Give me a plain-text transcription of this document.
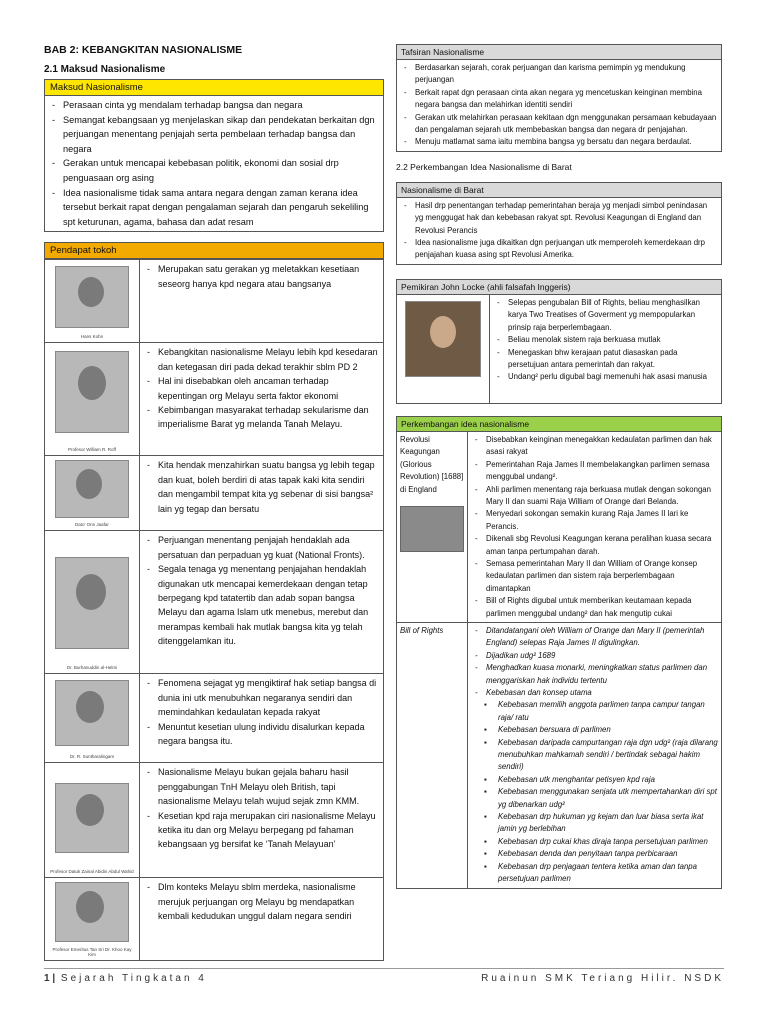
BAB 2: KEBANGKITAN NASIONALISME
2.1 Maksud Nasionalisme
Maksud Nasionalisme
- Perasaan cinta yg mendalam terhadap bangsa dan negara
- Semangat kebangsaan yg menjelaskan sikap dan pendekatan berkaitan dgn perjuangan menentang penjajah serta pembelaan terhadap bangsa dan negara
- Gerakan untuk mencapai kebebasan politik, ekonomi dan sosial drp penguasaan org asing
- Idea nasionalisme tidak sama antara negara dengan zaman kerana idea tersebut berkait rapat dengan pengalaman sejarah dan pengaruh sekeliling spt keturunan, agama, bahasa dan adat resam
Pendapat tokoh
Hans Kohn
- Merupakan satu gerakan yg meletakkan kesetiaan seseorg hanya kpd negara atau bangsanya
Profesor William R. Roff
- Kebangkitan nasionalisme Melayu lebih kpd kesedaran dan ketegasan diri pada dekad terakhir sblm PD 2
- Hal ini disebabkan oleh ancaman terhadap kepentingan org Melayu serta faktor ekonomi
- Kebimbangan masyarakat terhadap sekularisme dan imperialisme Barat yg melanda Tanah Melayu.
Dato' Onn Jaafar
- Kita hendak menzahirkan suatu bangsa yg lebih tegap dan kuat, boleh berdiri di atas tapak kaki kita sendiri dan mengambil tempat kita yg sebenar di sisi bangsa² lain yg tegap dan bersatu
Dr. Burhanuddin al-Helmi
- Perjuangan menentang penjajah hendaklah ada persatuan dan perpaduan yg kuat (National Fronts).
- Segala tenaga yg menentang penjajahan hendaklah digunakan utk mencapai kemerdekaan dengan tetap berpegang kpd tatatertib dan adab sopan bangsa Melayu dan agama Islam utk menebus, merebut dan merampas kembali hak mutlak bangsa kita yg telah ditenggelamkan itu.
Dr. R. Suntharalingam
- Fenomena sejagat yg mengiktiraf hak setiap bangsa di dunia ini utk menubuhkan negaranya sendiri dan memindahkan kedaulatan kepada rakyat
- Menuntut kesetian ulung individu disalurkan kepada negara bangsa itu.
Profesor Datuk Zainal Abidin Abdul Wahid
- Nasionalisme Melayu bukan gejala baharu hasil penggabungan TnH Melayu oleh British, tapi nasionalisme Melayu telah wujud sejak zmn KMM.
- Kesetian kpd raja merupakan ciri nasionalisme Melayu ketika itu dan org Melayu berpegang pd fahaman kebangsaan yg bersifat ke ‘Tanah Melayuan’
Profesor Emeritus Tan Sri Dr. Khoo Kay Kim
- Dlm konteks Melayu sblm merdeka, nasionalisme merujuk perjuangan org Melayu bg mendapatkan kembali kedudukan unggul dalam negara sendiri
Tafsiran Nasionalisme
- Berdasarkan sejarah, corak perjuangan dan karisma pemimpin yg mendukung perjuangan
- Berkait rapat dgn perasaan cinta akan negara yg mencetuskan keinginan membina negara bangsa dan melahirkan identiti sendiri
- Gerakan utk melahirkan perasaan kekitaan dgn menggunakan persamaan kebudayaan dan pengalaman sejarah utk membebaskan bangsa dan negara dr penjajahan.
- Menuju matlamat sama iaitu membina bangsa yg bersatu dan negara berdaulat.
2.2 Perkembangan Idea Nasionalisme di Barat
Nasionalisme di Barat
- Hasil drp penentangan terhadap pemerintahan beraja yg menjadi simbol penindasan yg menggugat hak dan kebebasan rakyat spt. Revolusi Keagungan di England dan Revolusi Perancis
- Idea nasionalisme juga dikaitkan dgn perjuangan utk memperoleh kemerdekaan drp penjajahan kuasa asing spt Revolusi Amerika.
Pemikiran John Locke (ahli falsafah Inggeris)
- Selepas pengubalan Bill of Rights, beliau menghasilkan karya Two Treatises of Goverment yg mempopularkan prinsip raja berperlembagaan.
- Beliau menolak sistem raja berkuasa mutlak
- Menegaskan bhw kerajaan patut diasaskan pada persetujuan antara pemerintah dan rakyat.
- Undang² perlu digubal bagi memenuhi hak asasi manusia
Perkembangan idea nasionalisme
Revolusi Keagungan (Glorious Revolution) [1688] di England
- Disebabkan keinginan menegakkan kedaulatan parlimen dan hak asasi rakyat
- Pemerintahan Raja James II membelakangkan parlimen semasa menggubal undang².
- Ahli parlimen menentang raja berkuasa mutlak dengan sokongan Mary II dan suami Raja William of Orange dari Belanda.
- Menyedari sokongan semakin kurang Raja James II lari ke Perancis.
- Dikenali sbg Revolusi Keagungan kerana peralihan kuasa secara aman tanpa pertumpahan darah.
- Semasa pemerintahan Mary II dan William of Orange konsep kedaulatan parlimen dan sistem raja berperlembagaan dimantapkan
- Bill of Rights digubal untuk memberikan keutamaan kepada parlimen menggubal undang² dan hak mengutip cukai
Bill of Rights
-	Ditandatangani oleh William of Orange dan Mary II (pemerintah England) selepas Raja James II digulingkan.
- Dijadikan udg² 1689
- Menghadkan kuasa monarki, meningkatkan status parlimen dan menggariskan hak individu tertentu
- Kebebasan dan konsep utama
▪ Kebebasan memilih anggota parlimen tanpa campur tangan raja/ ratu
▪ Kebebasan bersuara di parlimen
▪ Kebebasan daripada campurtangan raja dgn udg² (raja dilarang menubuhkan mahkamah sendiri / bertindak sebagai hakim sendiri)
▪ Kebebasan utk menghantar petisyen kpd raja
▪ Kebebasan menggunakan senjata utk mempertahankan diri spt yg dibenarkan udg²
▪ Kebebasan drp hukuman yg kejam dan luar biasa serta ikat jamin yg berlebihan
▪ Kebebasan drp cukai khas diraja tanpa persetujuan parlimen
▪ Kebebasan denda dan penyitaan tanpa perbicaraan
▪ Kebebasan drp penjagaan tentera ketika aman dan tanpa persetujuan parlimen
1 | Sejarah Tingkatan 4	Ruainun SMK Teriang Hilir. NSDK
